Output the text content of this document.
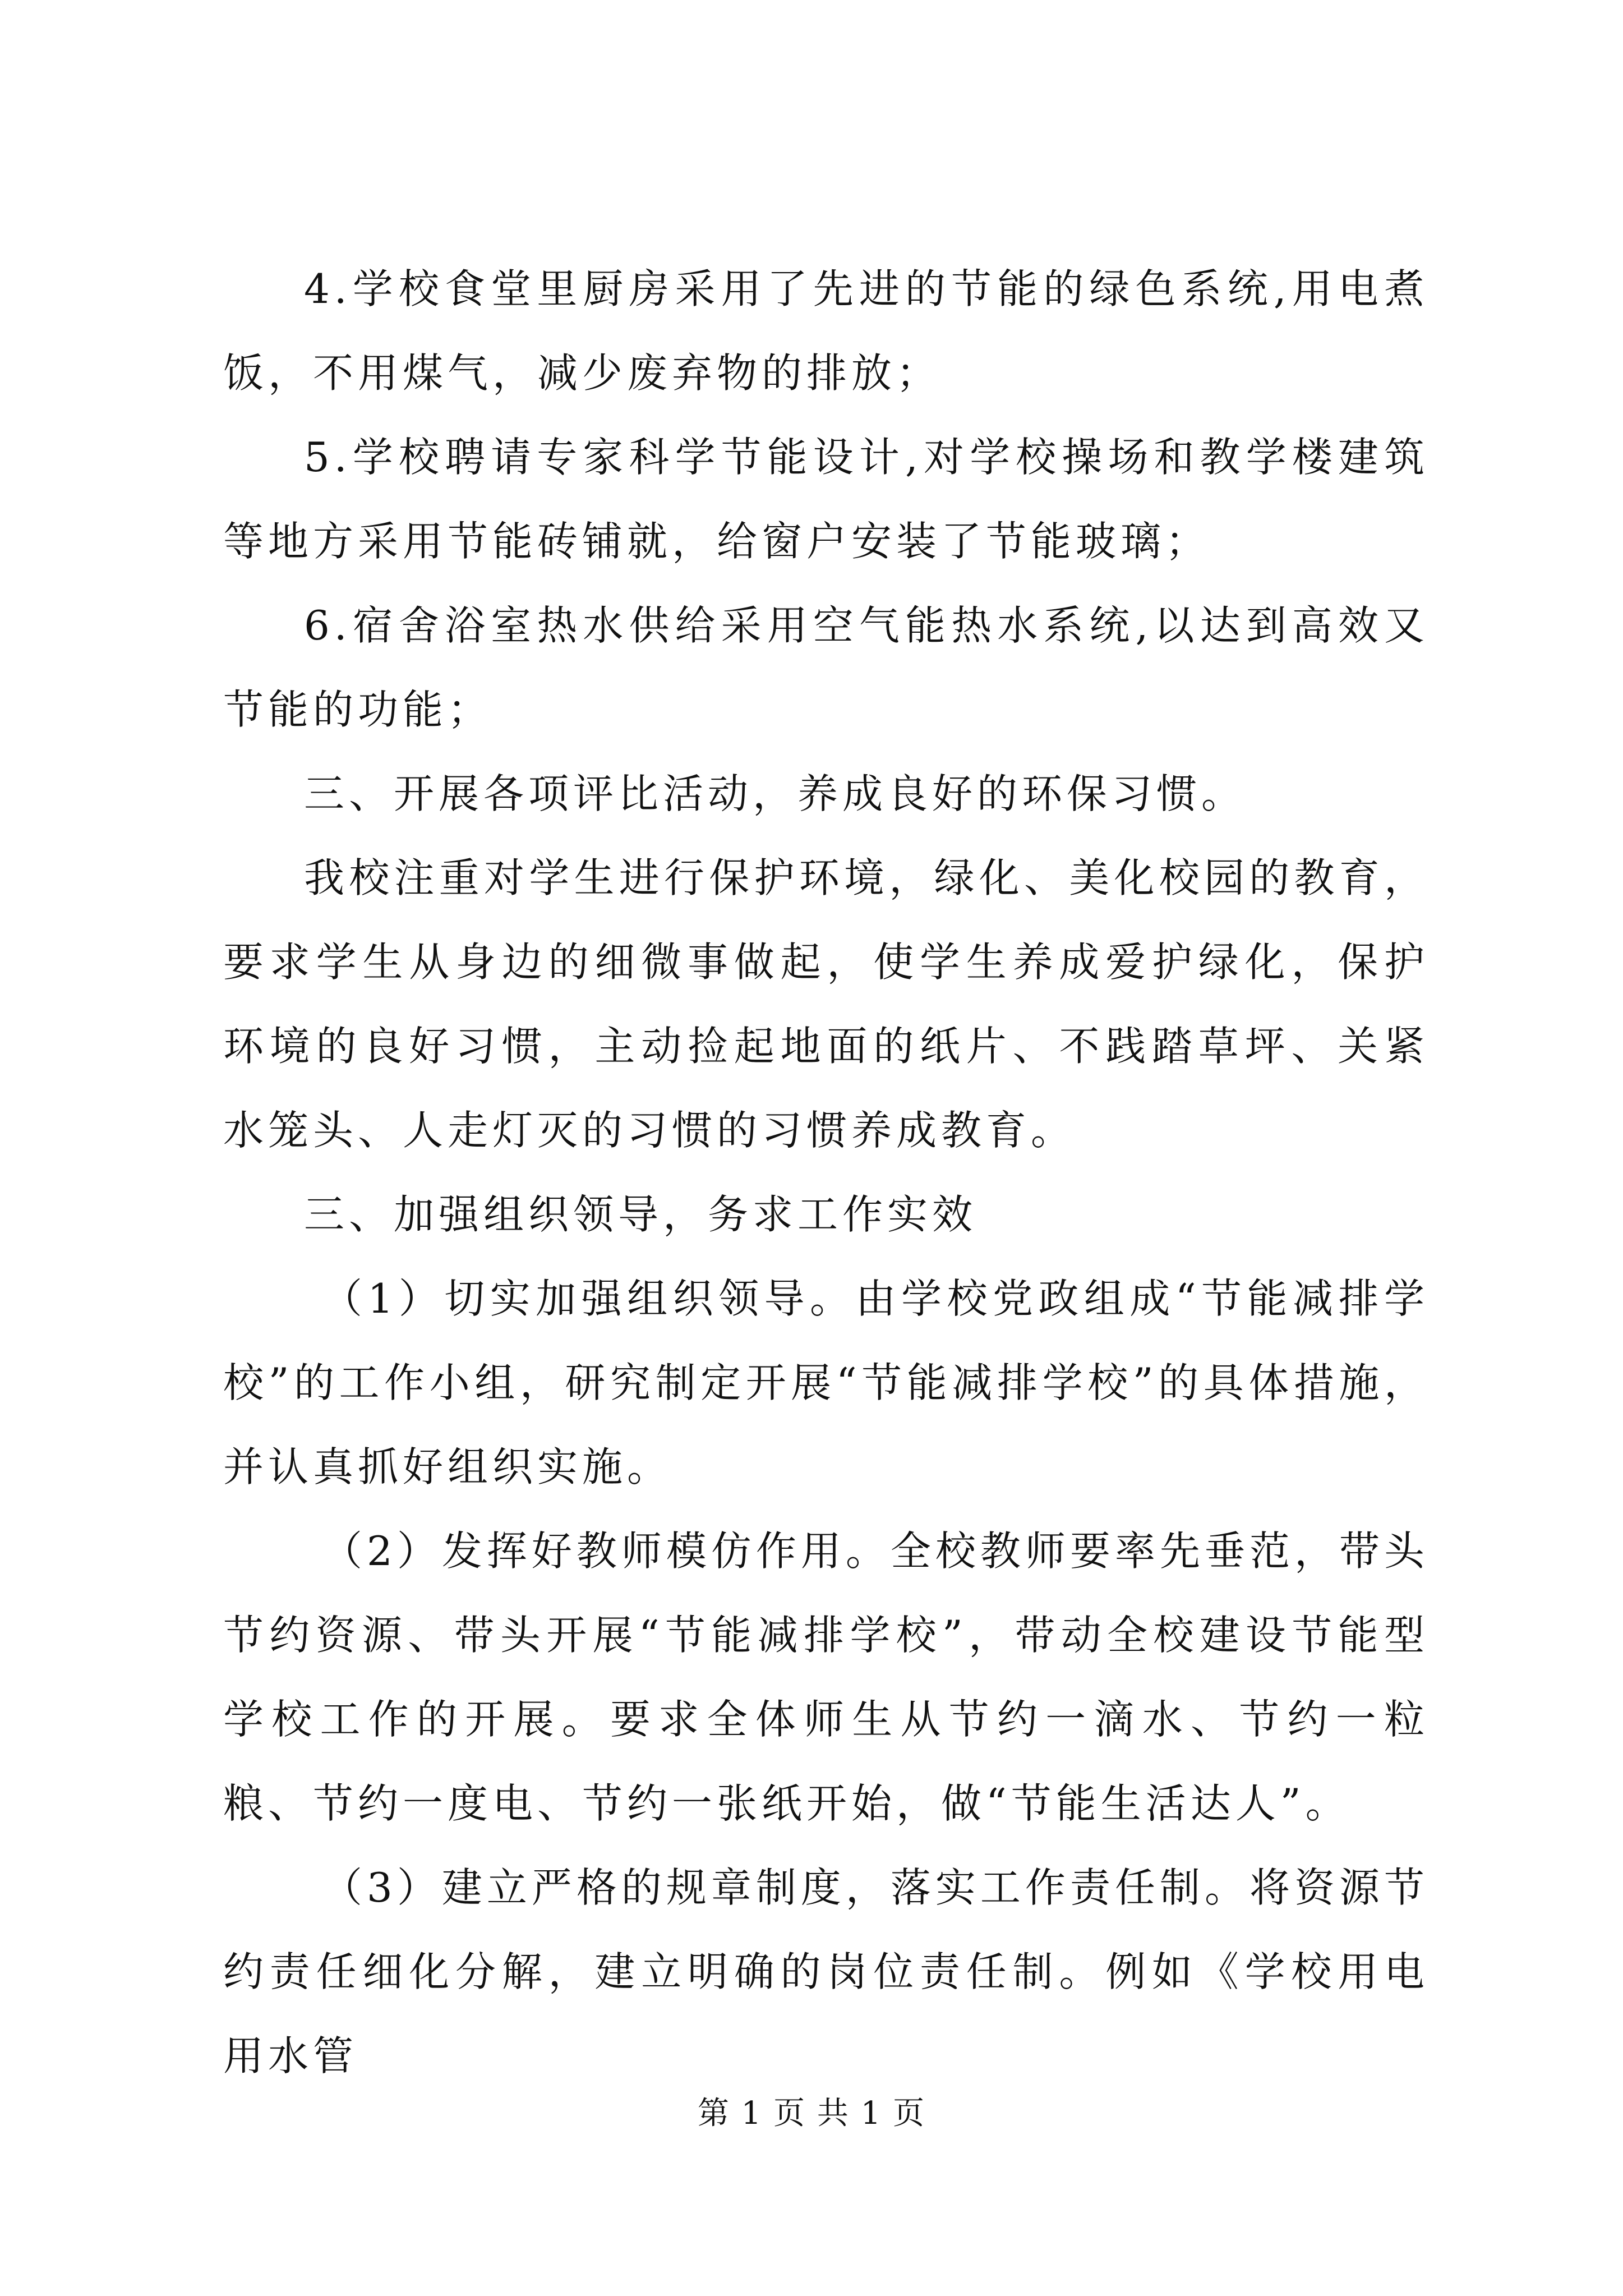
4.学校食堂里厨房采用了先进的节能的绿色系统,用电煮饭，不用煤气，减少废弃物的排放；

5.学校聘请专家科学节能设计,对学校操场和教学楼建筑等地方采用节能砖铺就，给窗户安装了节能玻璃；

6.宿舍浴室热水供给采用空气能热水系统,以达到高效又节能的功能；

三、开展各项评比活动，养成良好的环保习惯。

我校注重对学生进行保护环境，绿化、美化校园的教育，要求学生从身边的细微事做起，使学生养成爱护绿化，保护环境的良好习惯，主动捡起地面的纸片、不践踏草坪、关紧水笼头、人走灯灭的习惯的习惯养成教育。

三、加强组织领导，务求工作实效

（1）切实加强组织领导。由学校党政组成“节能减排学校”的工作小组，研究制定开展“节能减排学校”的具体措施，并认真抓好组织实施。

（2）发挥好教师模仿作用。全校教师要率先垂范，带头节约资源、带头开展“节能减排学校”，带动全校建设节能型学校工作的开展。要求全体师生从节约一滴水、节约一粒粮、节约一度电、节约一张纸开始，做“节能生活达人”。

（3）建立严格的规章制度，落实工作责任制。将资源节约责任细化分解，建立明确的岗位责任制。例如《学校用电用水管

第 1 页 共 1 页
